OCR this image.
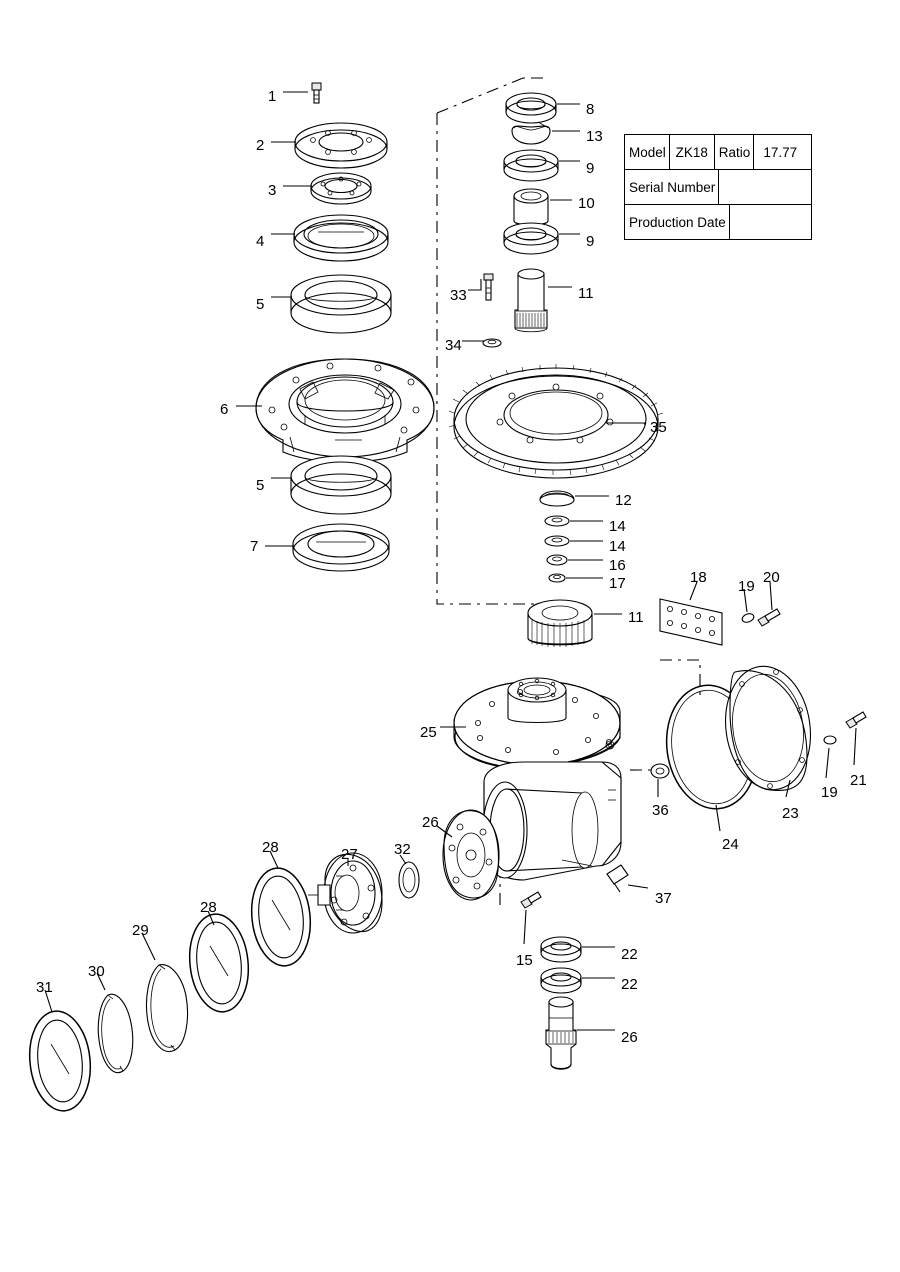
Model ZK18 Ratio 17.77
Serial Number
Production Date
1
2
3
4
5
6
5
7
8
13
9
10
9
11
33
34
35
12
14
14
16
17
11
18
19
20
25
26
27 32
28
28
29
30
31
36
24
23
19
21
37
15	22
22
26
